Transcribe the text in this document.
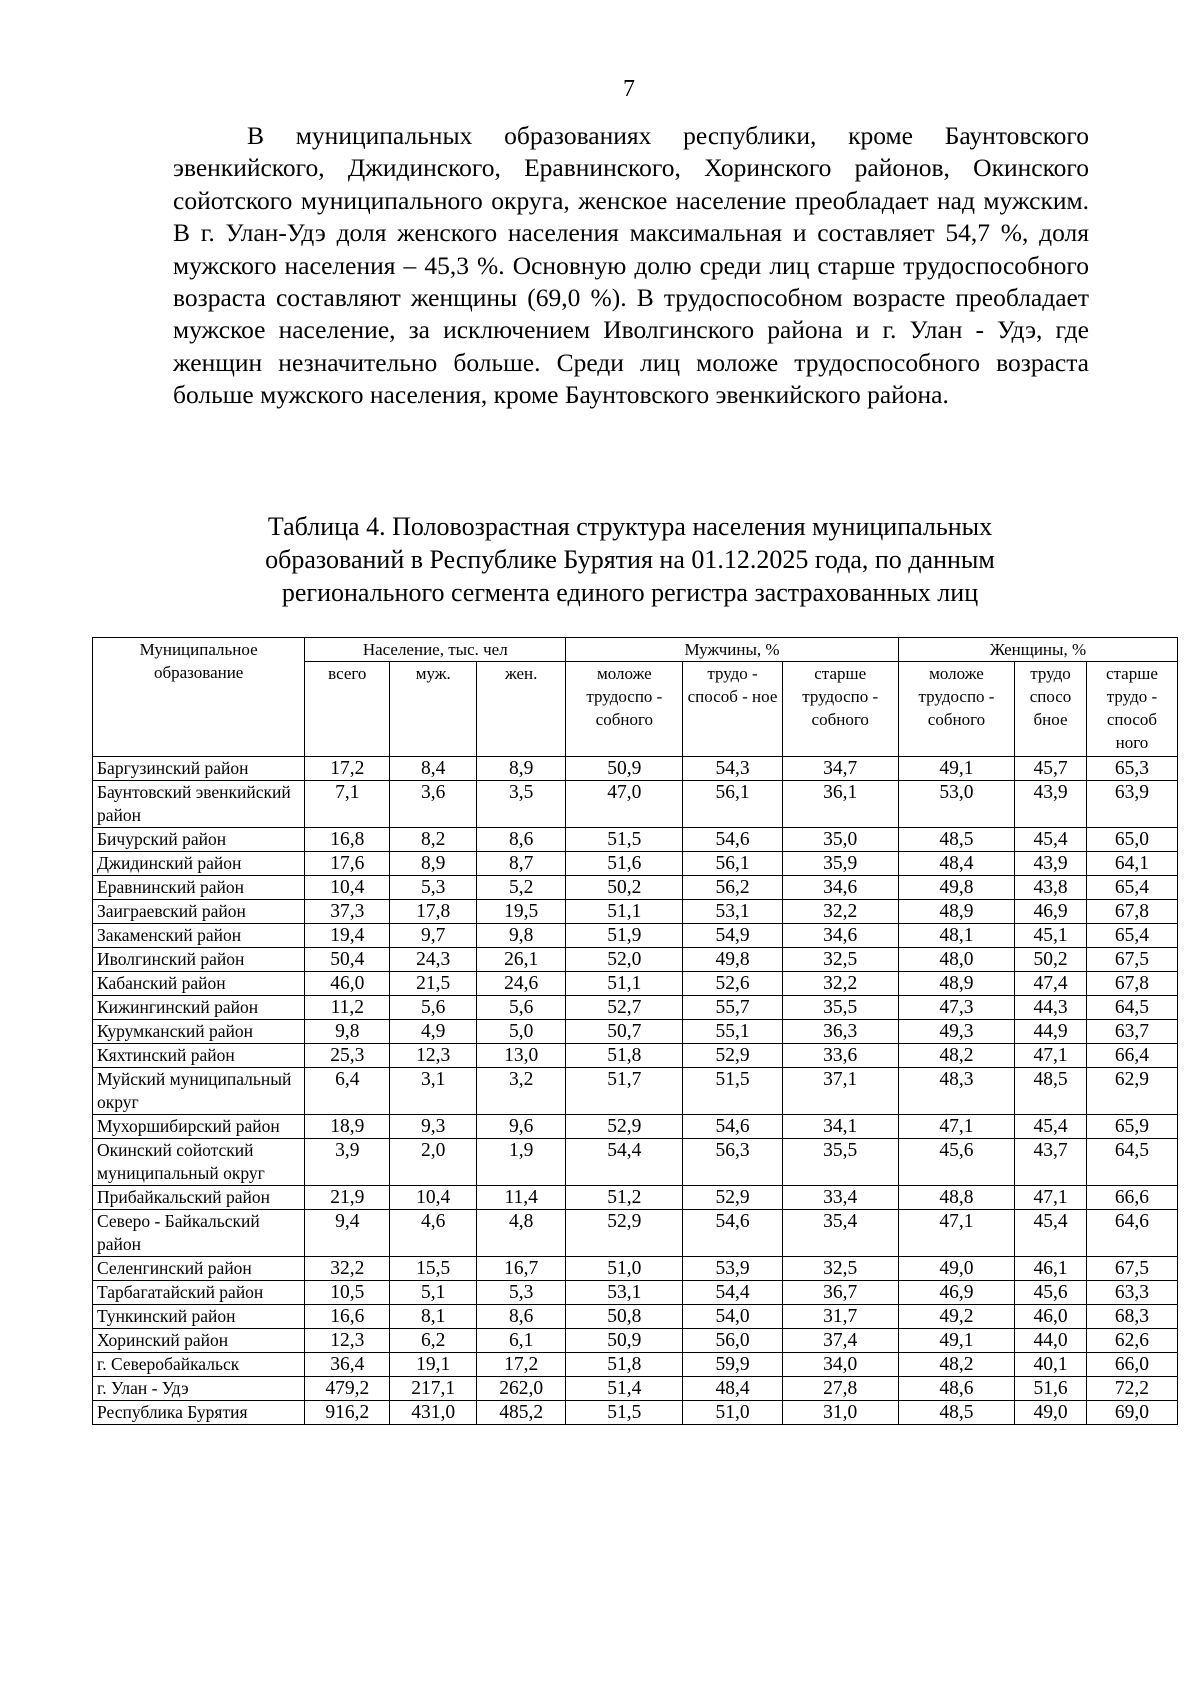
7

В муниципальных образованиях республики, кроме Баунтовского эвенкийского, Джидинского, Еравнинского, Хоринского районов, Окинского сойотского муниципального округа, женское население преобладает над мужским. В г. Улан-Удэ доля женского населения максимальная и составляет 54,7 %, доля мужского населения – 45,3 %. Основную долю среди лиц старше трудоспособного возраста составляют женщины (69,0 %). В трудоспособном возрасте преобладает мужское население, за исключением Иволгинского района и г. Улан - Удэ, где женщин незначительно больше. Среди лиц моложе трудоспособного возраста больше мужского населения, кроме Баунтовского эвенкийского района.

Таблица 4. Половозрастная структура населения муниципальных
образований в Республике Бурятия на 01.12.2025 года, по данным
регионального сегмента единого регистра застрахованных лиц
Муниципальное образование	Население, тыс. чел			Мужчины, %			Женщины, %		
	всего	муж.	жен.	моложе трудоспо - собного	трудо - способ - ное	старше трудоспо - собного	моложе трудоспо - собного	трудо спосо бное	старше трудо - способ ного
Баргузинский район	17,2	8,4	8,9	50,9	54,3	34,7	49,1	45,7	65,3
Баунтовский эвенкийский район	7,1	3,6	3,5	47,0	56,1	36,1	53,0	43,9	63,9
Бичурский район	16,8	8,2	8,6	51,5	54,6	35,0	48,5	45,4	65,0
Джидинский район	17,6	8,9	8,7	51,6	56,1	35,9	48,4	43,9	64,1
Еравнинский район	10,4	5,3	5,2	50,2	56,2	34,6	49,8	43,8	65,4
Заиграевский район	37,3	17,8	19,5	51,1	53,1	32,2	48,9	46,9	67,8
Закаменский район	19,4	9,7	9,8	51,9	54,9	34,6	48,1	45,1	65,4
Иволгинский район	50,4	24,3	26,1	52,0	49,8	32,5	48,0	50,2	67,5
Кабанский район	46,0	21,5	24,6	51,1	52,6	32,2	48,9	47,4	67,8
Кижингинский район	11,2	5,6	5,6	52,7	55,7	35,5	47,3	44,3	64,5
Курумканский район	9,8	4,9	5,0	50,7	55,1	36,3	49,3	44,9	63,7
Кяхтинский район	25,3	12,3	13,0	51,8	52,9	33,6	48,2	47,1	66,4
Муйский муниципальный округ	6,4	3,1	3,2	51,7	51,5	37,1	48,3	48,5	62,9
Мухоршибирский район	18,9	9,3	9,6	52,9	54,6	34,1	47,1	45,4	65,9
Окинский сойотский муниципальный округ	3,9	2,0	1,9	54,4	56,3	35,5	45,6	43,7	64,5
Прибайкальский район	21,9	10,4	11,4	51,2	52,9	33,4	48,8	47,1	66,6
Северо - Байкальский район	9,4	4,6	4,8	52,9	54,6	35,4	47,1	45,4	64,6
Селенгинский район	32,2	15,5	16,7	51,0	53,9	32,5	49,0	46,1	67,5
Тарбагатайский район	10,5	5,1	5,3	53,1	54,4	36,7	46,9	45,6	63,3
Тункинский район	16,6	8,1	8,6	50,8	54,0	31,7	49,2	46,0	68,3
Хоринский район	12,3	6,2	6,1	50,9	56,0	37,4	49,1	44,0	62,6
г. Северобайкальск	36,4	19,1	17,2	51,8	59,9	34,0	48,2	40,1	66,0
г. Улан - Удэ	479,2	217,1	262,0	51,4	48,4	27,8	48,6	51,6	72,2
Республика Бурятия	916,2	431,0	485,2	51,5	51,0	31,0	48,5	49,0	69,0
